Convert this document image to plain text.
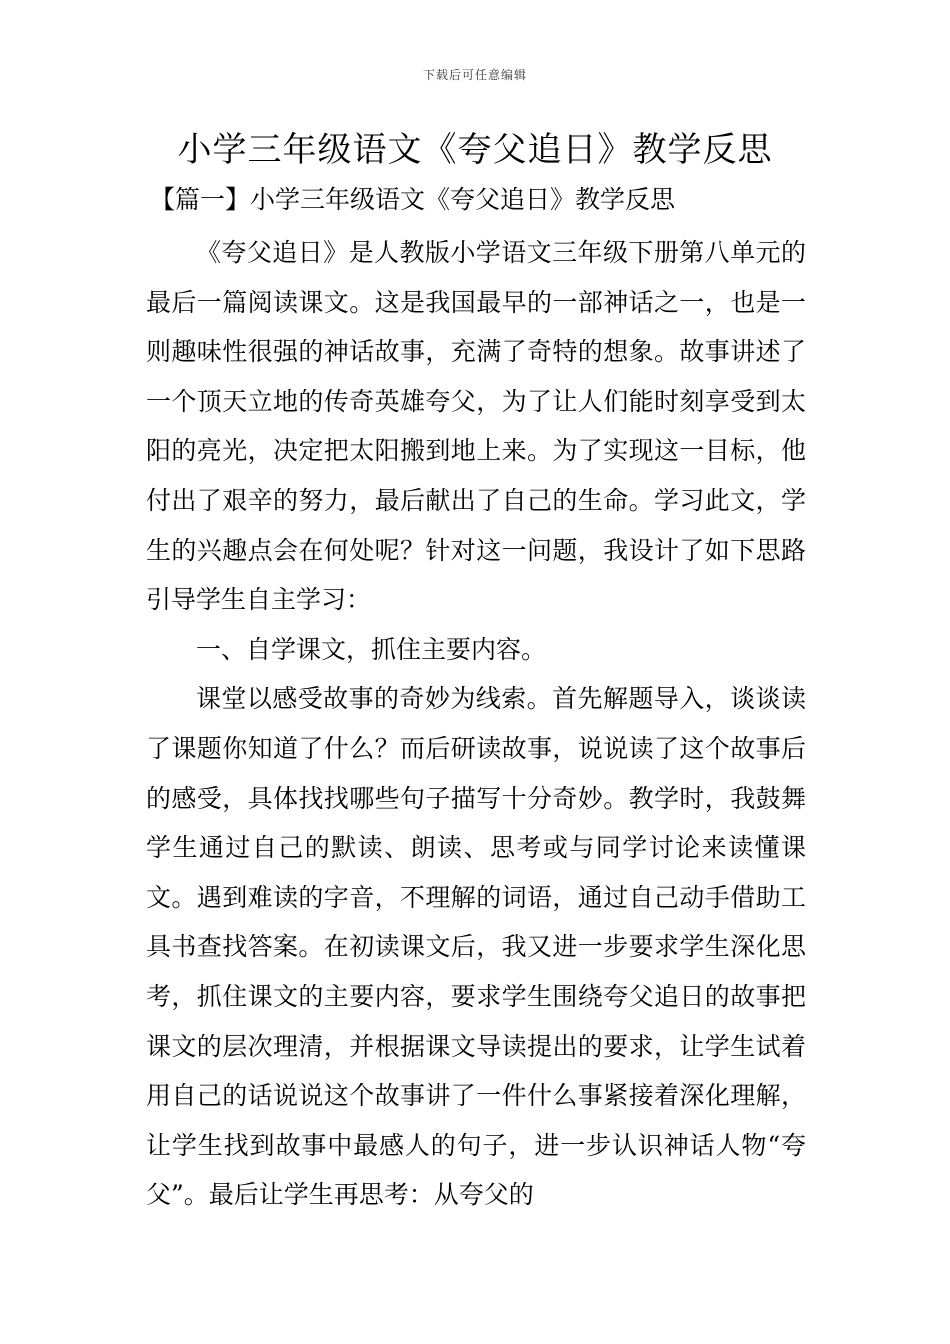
下载后可任意编辑
小学三年级语文《夸父追日》教学反思
【篇一】小学三年级语文《夸父追日》教学反思

《夸父追日》是人教版小学语文三年级下册第八单元的最后一篇阅读课文。这是我国最早的一部神话之一，也是一则趣味性很强的神话故事，充满了奇特的想象。故事讲述了一个顶天立地的传奇英雄夸父，为了让人们能时刻享受到太阳的亮光，决定把太阳搬到地上来。为了实现这一目标，他付出了艰辛的努力，最后献出了自己的生命。学习此文，学生的兴趣点会在何处呢？针对这一问题，我设计了如下思路引导学生自主学习：

一、自学课文，抓住主要内容。

课堂以感受故事的奇妙为线索。首先解题导入，谈谈读了课题你知道了什么？而后研读故事，说说读了这个故事后的感受，具体找找哪些句子描写十分奇妙。教学时，我鼓舞学生通过自己的默读、朗读、思考或与同学讨论来读懂课文。遇到难读的字音，不理解的词语，通过自己动手借助工具书查找答案。在初读课文后，我又进一步要求学生深化思考，抓住课文的主要内容，要求学生围绕夸父追日的故事把课文的层次理清，并根据课文导读提出的要求，让学生试着用自己的话说说这个故事讲了一件什么事紧接着深化理解，让学生找到故事中最感人的句子，进一步认识神话人物“夸父”。最后让学生再思考：从夸父的
